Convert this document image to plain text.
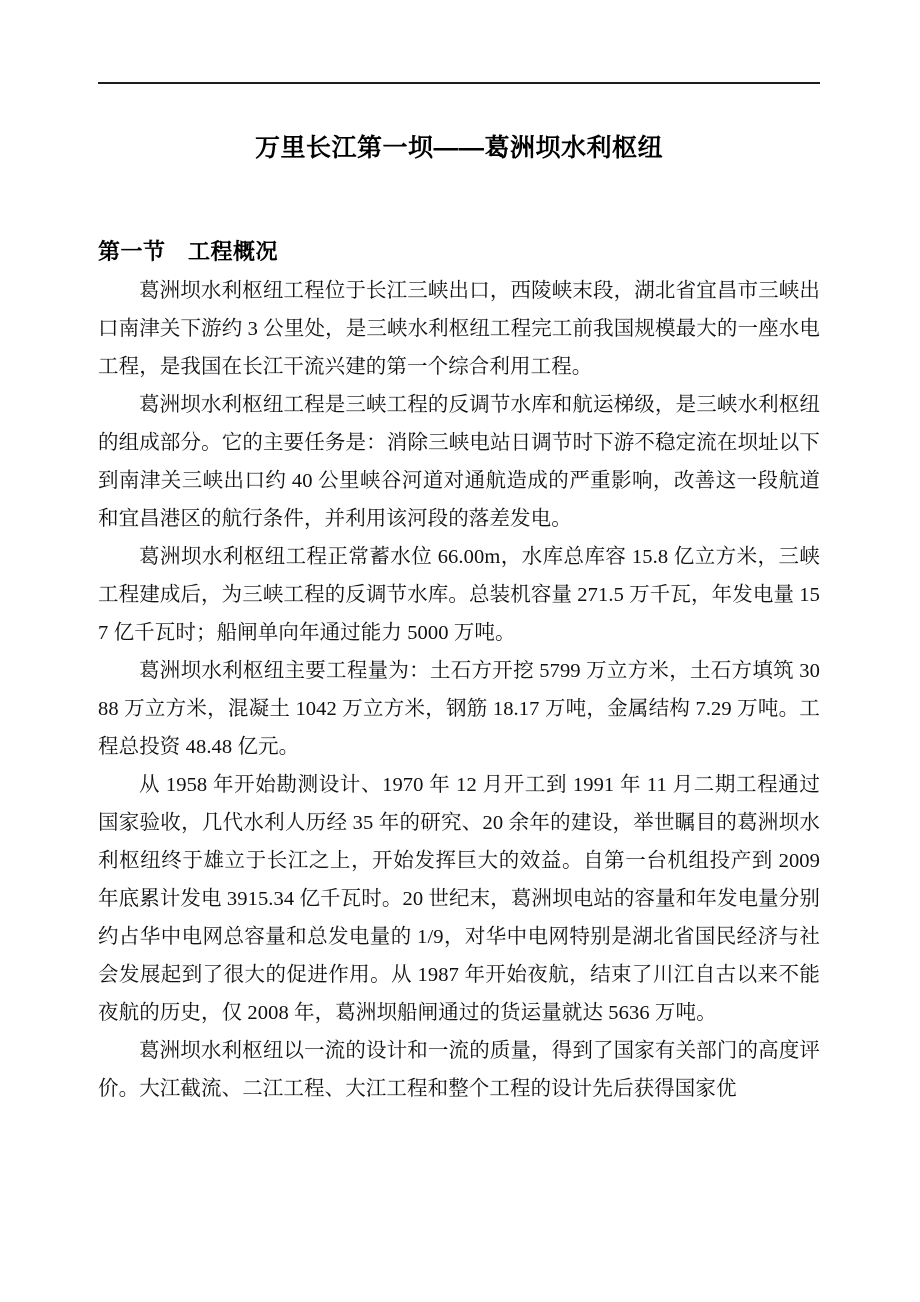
万里长江第一坝——葛洲坝水利枢纽
第一节　工程概况

葛洲坝水利枢纽工程位于长江三峡出口，西陵峡末段，湖北省宜昌市三峡出口南津关下游约 3 公里处，是三峡水利枢纽工程完工前我国规模最大的一座水电工程，是我国在长江干流兴建的第一个综合利用工程。

葛洲坝水利枢纽工程是三峡工程的反调节水库和航运梯级，是三峡水利枢纽的组成部分。它的主要任务是：消除三峡电站日调节时下游不稳定流在坝址以下到南津关三峡出口约 40 公里峡谷河道对通航造成的严重影响，改善这一段航道和宜昌港区的航行条件，并利用该河段的落差发电。

葛洲坝水利枢纽工程正常蓄水位 66.00m，水库总库容 15.8 亿立方米，三峡工程建成后，为三峡工程的反调节水库。总装机容量 271.5 万千瓦，年发电量 157 亿千瓦时；船闸单向年通过能力 5000 万吨。

葛洲坝水利枢纽主要工程量为：土石方开挖 5799 万立方米，土石方填筑 3088 万立方米，混凝土 1042 万立方米，钢筋 18.17 万吨，金属结构 7.29 万吨。工程总投资 48.48 亿元。

从 1958 年开始勘测设计、1970 年 12 月开工到 1991 年 11 月二期工程通过国家验收，几代水利人历经 35 年的研究、20 余年的建设，举世瞩目的葛洲坝水利枢纽终于雄立于长江之上，开始发挥巨大的效益。自第一台机组投产到 2009 年底累计发电 3915.34 亿千瓦时。20 世纪末，葛洲坝电站的容量和年发电量分别约占华中电网总容量和总发电量的 1/9，对华中电网特别是湖北省国民经济与社会发展起到了很大的促进作用。从 1987 年开始夜航，结束了川江自古以来不能夜航的历史，仅 2008 年，葛洲坝船闸通过的货运量就达 5636 万吨。

葛洲坝水利枢纽以一流的设计和一流的质量，得到了国家有关部门的高度评价。大江截流、二江工程、大江工程和整个工程的设计先后获得国家优
